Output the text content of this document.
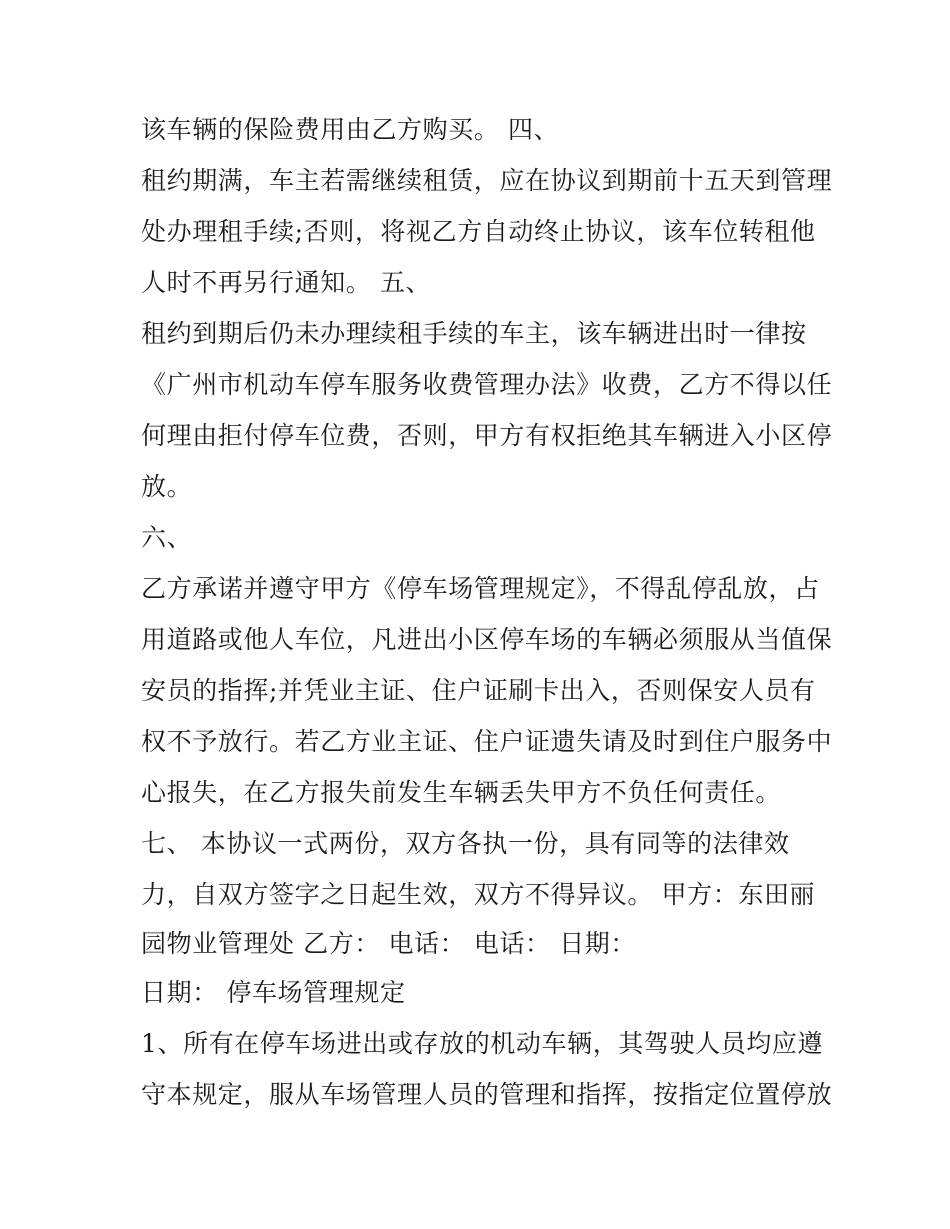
该车辆的保险费用由乙方购买。 四、
租约期满，车主若需继续租赁，应在协议到期前十五天到管理
处办理租手续;否则，将视乙方自动终止协议，该车位转租他
人时不再另行通知。 五、
租约到期后仍未办理续租手续的车主，该车辆进出时一律按
《广州市机动车停车服务收费管理办法》收费，乙方不得以任
何理由拒付停车位费，否则，甲方有权拒绝其车辆进入小区停
放。
六、
乙方承诺并遵守甲方《停车场管理规定》，不得乱停乱放，占
用道路或他人车位，凡进出小区停车场的车辆必须服从当值保
安员的指挥;并凭业主证、住户证刷卡出入，否则保安人员有
权不予放行。若乙方业主证、住户证遗失请及时到住户服务中
心报失，在乙方报失前发生车辆丢失甲方不负任何责任。
七、 本协议一式两份，双方各执一份，具有同等的法律效
力，自双方签字之日起生效，双方不得异议。 甲方：东田丽
园物业管理处 乙方： 电话： 电话： 日期：
日期： 停车场管理规定
1、所有在停车场进出或存放的机动车辆，其驾驶人员均应遵
守本规定，服从车场管理人员的管理和指挥，按指定位置停放
